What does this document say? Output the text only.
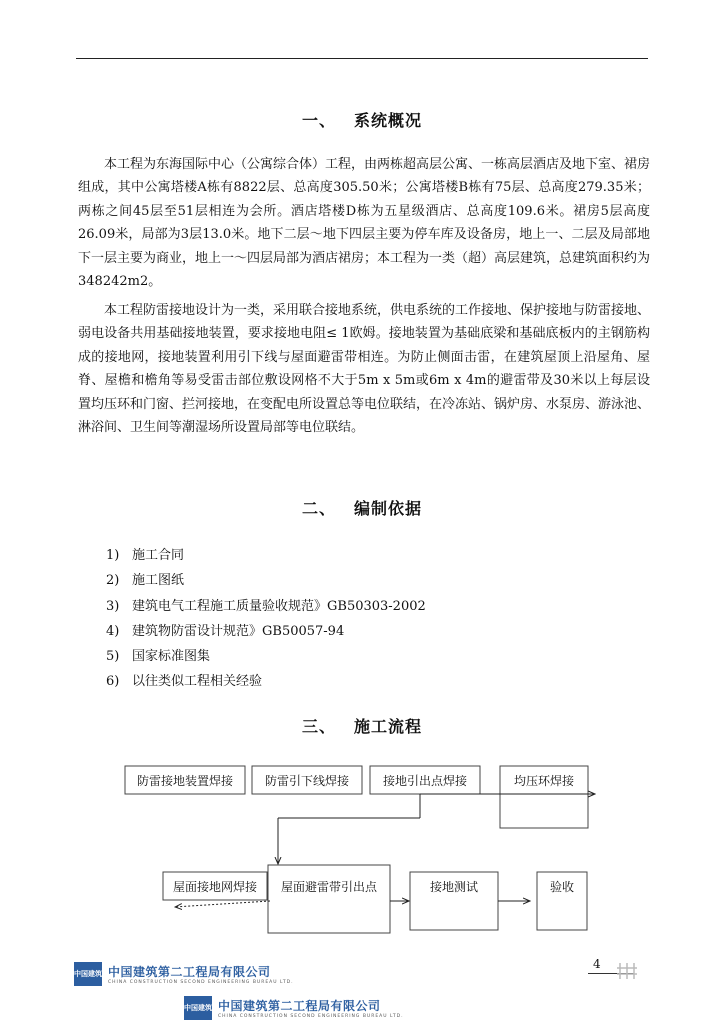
一、 系统概况

本工程为东海国际中心（公寓综合体）工程，由两栋超高层公寓、一栋高层酒店及地下室、裙房组成，其中公寓塔楼A栋有8822层、总高度305.50米；公寓塔楼B栋有75层、总高度279.35米；两栋之间45层至51层相连为会所。酒店塔楼D栋为五星级酒店、总高度109.6米。裙房5层高度26.09米，局部为3层13.0米。地下二层～地下四层主要为停车库及设备房，地上一、二层及局部地下一层主要为商业，地上一～四层局部为酒店裙房；本工程为一类（超）高层建筑，总建筑面积约为348242m2。

本工程防雷接地设计为一类，采用联合接地系统，供电系统的工作接地、保护接地与防雷接地、弱电设备共用基础接地装置，要求接地电阻≤ 1欧姆。接地装置为基础底梁和基础底板内的主钢筋构成的接地网，接地装置利用引下线与屋面避雷带相连。为防止侧面击雷，在建筑屋顶上沿屋角、屋脊、屋檐和檐角等易受雷击部位敷设网格不大于5m x 5m或6m x 4m的避雷带及30米以上每层设置均压环和门窗、拦河接地，在变配电所设置总等电位联结，在冷冻站、锅炉房、水泵房、游泳池、淋浴间、卫生间等潮湿场所设置局部等电位联结。

二、 编制依据
1) 施工合同
2) 施工图纸
3) 建筑电气工程施工质量验收规范》GB50303-2002
4) 建筑物防雷设计规范》GB50057-94
5) 国家标准图集
6) 以往类似工程相关经验
三、 施工流程
防雷接地装置焊接	防雷引下线焊接	接地引出点焊接	均压环焊接
屋面接地网焊接 屋面避雷带引出点	接地测试	验收
4
中国建筑 中国建筑第二工程局有限公司
CHINA CONSTRUCTION SECOND ENGINEERING BUREAU LTD.
中国建筑 中国建筑第二工程局有限公司
CHINA CONSTRUCTION SECOND ENGINEERING BUREAU LTD.
